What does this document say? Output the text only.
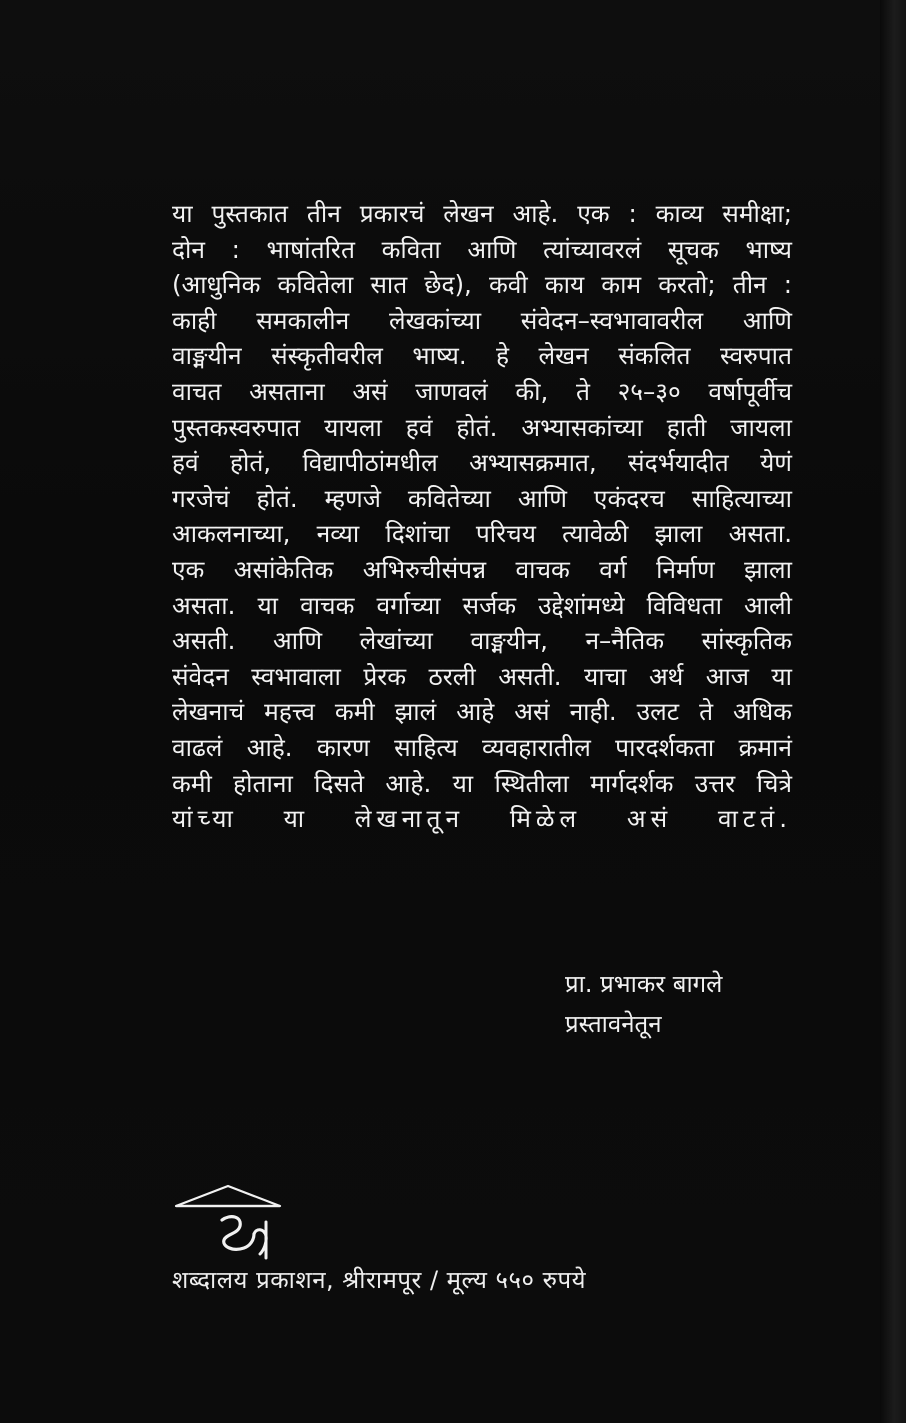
या पुस्तकात तीन प्रकारचं लेखन आहे. एक : काव्य समीक्षा;
दोन : भाषांतरित कविता आणि त्यांच्यावरलं सूचक भाष्य
(आधुनिक कवितेला सात छेद), कवी काय काम करतो; तीन :
काही समकालीन लेखकांच्या संवेदन–स्वभावावरील आणि
वाङ्मयीन संस्कृतीवरील भाष्य. हे लेखन संकलित स्वरुपात
वाचत असताना असं जाणवलं की, ते २५–३० वर्षापूर्वीच
पुस्तकस्वरुपात यायला हवं होतं. अभ्यासकांच्या हाती जायला
हवं होतं, विद्यापीठांमधील अभ्यासक्रमात, संदर्भयादीत येणं
गरजेचं होतं. म्हणजे कवितेच्या आणि एकंदरच साहित्याच्या
आकलनाच्या, नव्या दिशांचा परिचय त्यावेळी झाला असता.
एक असांकेतिक अभिरुचीसंपन्न वाचक वर्ग निर्माण झाला
असता. या वाचक वर्गाच्या सर्जक उद्देशांमध्ये विविधता आली
असती. आणि लेखांच्या वाङ्मयीन, न–नैतिक सांस्कृतिक
संवेदन स्वभावाला प्रेरक ठरली असती. याचा अर्थ आज या
लेखनाचं महत्त्व कमी झालं आहे असं नाही. उलट ते अधिक
वाढलं आहे. कारण साहित्य व्यवहारातील पारदर्शकता क्रमानं
कमी होताना दिसते आहे. या स्थितीला मार्गदर्शक उत्तर चित्रे
यांच्या या लेखनातून मिळेल असं वाटतं.
प्रा. प्रभाकर बागले
प्रस्तावनेतून
शब्दालय प्रकाशन, श्रीरामपूर / मूल्य ५५० रुपये
